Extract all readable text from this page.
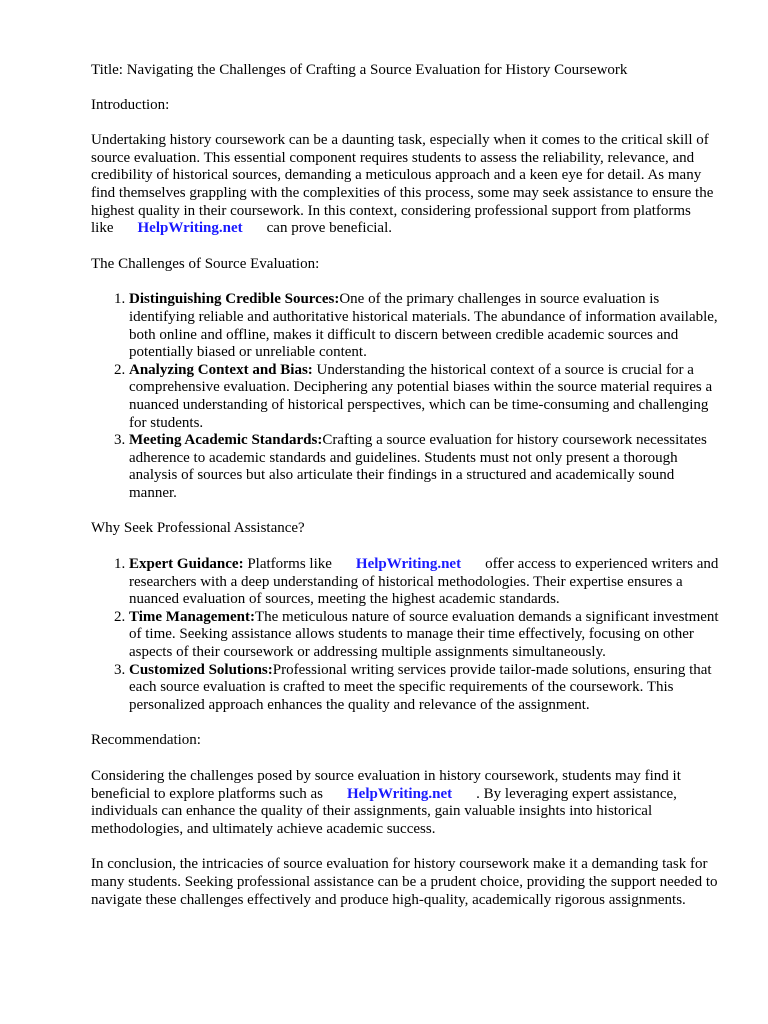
Title: Navigating the Challenges of Crafting a Source Evaluation for History Coursework

Introduction:

Undertaking history coursework can be a daunting task, especially when it comes to the critical skill of source evaluation. This essential component requires students to assess the reliability, relevance, and credibility of historical sources, demanding a meticulous approach and a keen eye for detail. As many find themselves grappling with the complexities of this process, some may seek assistance to ensure the highest quality in their coursework. In this context, considering professional support from platforms like HelpWriting.net can prove beneficial.

The Challenges of Source Evaluation:

1. Distinguishing Credible Sources:One of the primary challenges in source evaluation is identifying reliable and authoritative historical materials. The abundance of information available, both online and offline, makes it difficult to discern between credible academic sources and potentially biased or unreliable content.
2. Analyzing Context and Bias: Understanding the historical context of a source is crucial for a comprehensive evaluation. Deciphering any potential biases within the source material requires a nuanced understanding of historical perspectives, which can be time-consuming and challenging for students.
3. Meeting Academic Standards:Crafting a source evaluation for history coursework necessitates adherence to academic standards and guidelines. Students must not only present a thorough analysis of sources but also articulate their findings in a structured and academically sound manner.

Why Seek Professional Assistance?

1. Expert Guidance: Platforms like HelpWriting.net offer access to experienced writers and researchers with a deep understanding of historical methodologies. Their expertise ensures a nuanced evaluation of sources, meeting the highest academic standards.
2. Time Management:The meticulous nature of source evaluation demands a significant investment of time. Seeking assistance allows students to manage their time effectively, focusing on other aspects of their coursework or addressing multiple assignments simultaneously.
3. Customized Solutions:Professional writing services provide tailor-made solutions, ensuring that each source evaluation is crafted to meet the specific requirements of the coursework. This personalized approach enhances the quality and relevance of the assignment.

Recommendation:

Considering the challenges posed by source evaluation in history coursework, students may find it beneficial to explore platforms such as HelpWriting.net . By leveraging expert assistance, individuals can enhance the quality of their assignments, gain valuable insights into historical methodologies, and ultimately achieve academic success.

In conclusion, the intricacies of source evaluation for history coursework make it a demanding task for many students. Seeking professional assistance can be a prudent choice, providing the support needed to navigate these challenges effectively and produce high-quality, academically rigorous assignments.
